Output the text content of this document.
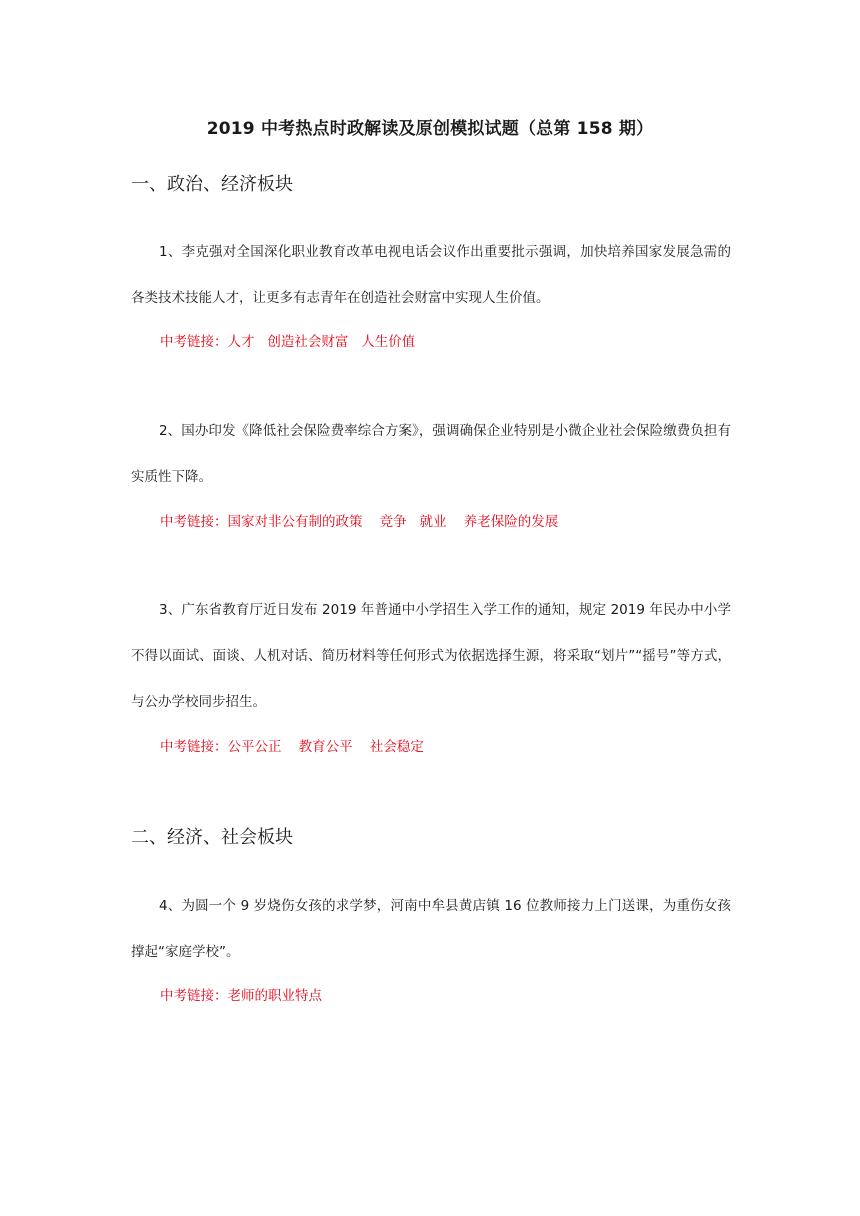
2019 中考热点时政解读及原创模拟试题（总第 158 期）
一、政治、经济板块

1、李克强对全国深化职业教育改革电视电话会议作出重要批示强调，加快培养国家发展急需的各类技术技能人才，让更多有志青年在创造社会财富中实现人生价值。

中考链接：人才   创造社会财富   人生价值

2、国办印发《降低社会保险费率综合方案》，强调确保企业特别是小微企业社会保险缴费负担有实质性下降。

中考链接：国家对非公有制的政策    竞争   就业    养老保险的发展

3、广东省教育厅近日发布 2019 年普通中小学招生入学工作的通知，规定 2019 年民办中小学不得以面试、面谈、人机对话、简历材料等任何形式为依据选择生源，将采取“划片”“摇号”等方式，与公办学校同步招生。

中考链接：公平公正    教育公平    社会稳定
二、经济、社会板块

4、为圆一个 9 岁烧伤女孩的求学梦，河南中牟县黄店镇 16 位教师接力上门送课，为重伤女孩撑起“家庭学校”。

中考链接：老师的职业特点
